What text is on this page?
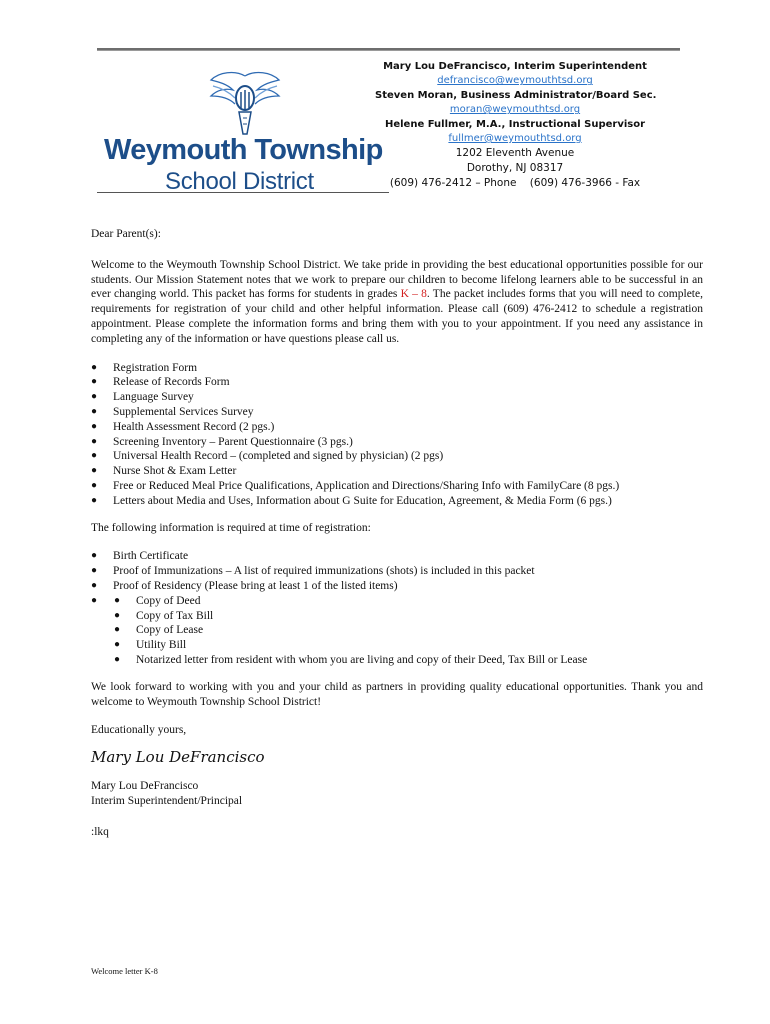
Weymouth Township
School District
Mary Lou DeFrancisco, Interim Superintendent
defrancisco@weymouthtsd.org
Steven Moran, Business Administrator/Board Sec.
moran@weymouthtsd.org
Helene Fullmer, M.A., Instructional Supervisor
fullmer@weymouthtsd.org
1202 Eleventh Avenue
Dorothy, NJ 08317
(609) 476-2412 – Phone    (609) 476-3966 - Fax

Dear Parent(s):

Welcome to the Weymouth Township School District. We take pride in providing the best educational opportunities possible for our students. Our Mission Statement notes that we work to prepare our children to become lifelong learners able to be successful in an ever changing world. This packet has forms for students in grades K – 8. The packet includes forms that you will need to complete, requirements for registration of your child and other helpful information. Please call (609) 476-2412 to schedule a registration appointment. Please complete the information forms and bring them with you to your appointment. If you need any assistance in completing any of the information or have questions please call us.

● Registration Form
● Release of Records Form
● Language Survey
● Supplemental Services Survey
● Health Assessment Record (2 pgs.)
● Screening Inventory – Parent Questionnaire (3 pgs.)
● Universal Health Record – (completed and signed by physician) (2 pgs)
● Nurse Shot & Exam Letter
● Free or Reduced Meal Price Qualifications, Application and Directions/Sharing Info with FamilyCare (8 pgs.)
● Letters about Media and Uses, Information about G Suite for Education, Agreement, & Media Form (6 pgs.)

The following information is required at time of registration:

● Birth Certificate
● Proof of Immunizations – A list of required immunizations (shots) is included in this packet
● Proof of Residency (Please bring at least 1 of the listed items)
● ● Copy of Deed
● Copy of Tax Bill
● Copy of Lease
● Utility Bill
● Notarized letter from resident with whom you are living and copy of their Deed, Tax Bill or Lease

We look forward to working with you and your child as partners in providing quality educational opportunities. Thank you and welcome to Weymouth Township School District!

Educationally yours,

Mary Lou DeFrancisco

Mary Lou DeFrancisco

Interim Superintendent/Principal

:lkq

Welcome letter K-8
